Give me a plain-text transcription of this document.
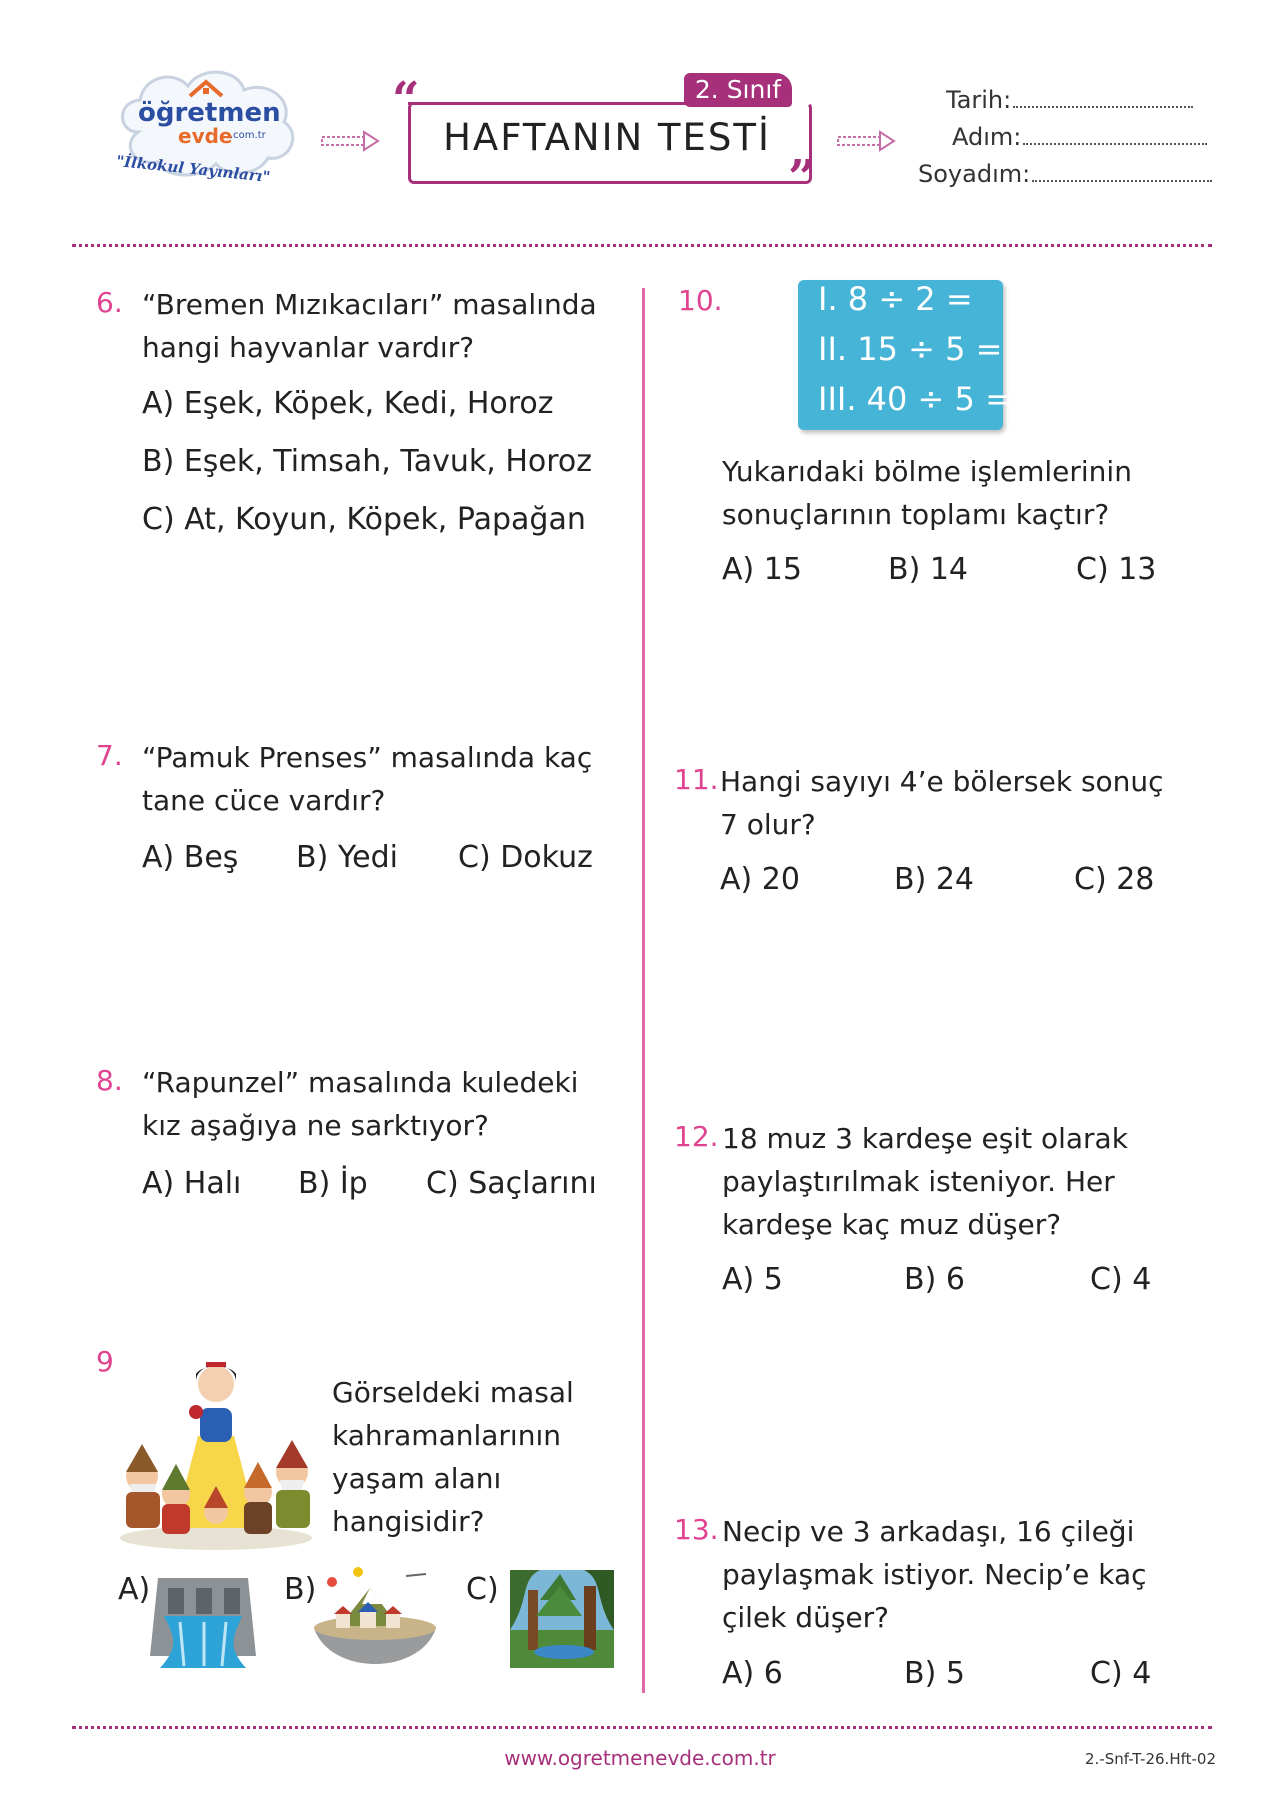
öğretmen
evde
.com.tr
"İlkokul Yayınları"
“
”
2. Sınıf
HAFTANIN TESTİ
Tarih:
Adım:
Soyadım:
6. “Bremen Mızıkacıları” masalında
hangi hayvanlar vardır?
A) Eşek, Köpek, Kedi, Horoz
B) Eşek, Timsah, Tavuk, Horoz
C) At, Koyun, Köpek, Papağan
7. “Pamuk Prenses” masalında kaç
tane cüce vardır?
A) Beş B) Yedi C) Dokuz
8. “Rapunzel” masalında kuledeki
kız aşağıya ne sarktıyor?
A) Halı B) İp C) Saçlarını
9
Görseldeki masal
kahramanlarının
yaşam alanı
hangisidir?
A)	B)	C)
10.	I. 8 ÷ 2 =
II. 15 ÷ 5 =
III. 40 ÷ 5 =
Yukarıdaki bölme işlemlerinin
sonuçlarının toplamı kaçtır?
A) 15	B) 14	C) 13
11. Hangi sayıyı 4’e bölersek sonuç
7 olur?
A) 20	B) 24	C) 28
12. 18 muz 3 kardeşe eşit olarak
paylaştırılmak isteniyor. Her
kardeşe kaç muz düşer?
A) 5	B) 6	C) 4
13. Necip ve 3 arkadaşı, 16 çileği
paylaşmak istiyor. Necip’e kaç
çilek düşer?
A) 6	B) 5	C) 4
www.ogretmenevde.com.tr	2.-Snf-T-26.Hft-02
